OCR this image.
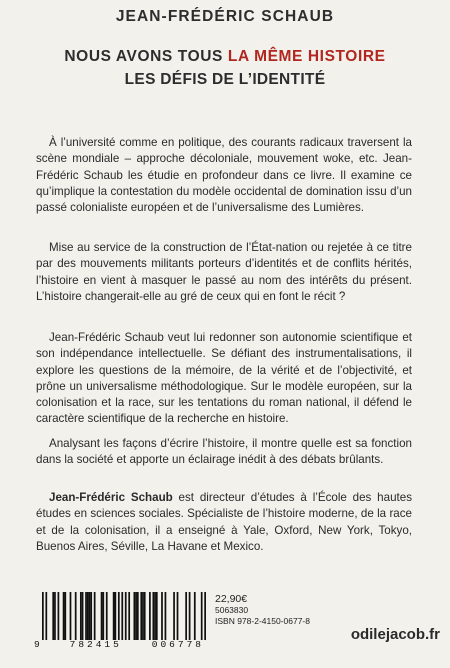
JEAN-FRÉDÉRIC SCHAUB
NOUS AVONS TOUS LA MÊME HISTOIRE
LES DÉFIS DE L’IDENTITÉ

À l’université comme en politique, des courants radicaux traversent la scène mondiale – approche décoloniale, mouvement woke, etc. Jean-Frédéric Schaub les étudie en profondeur dans ce livre. Il examine ce qu’implique la contestation du modèle occidental de domination issu d’un passé colonialiste européen et de l’universalisme des Lumières.

Mise au service de la construction de l’État-nation ou rejetée à ce titre par des mouvements militants porteurs d’identités et de conflits hérités, l’histoire en vient à masquer le passé au nom des intérêts du présent. L’histoire changerait-elle au gré de ceux qui en font le récit ?

Jean-Frédéric Schaub veut lui redonner son autonomie scientifique et son indépendance intellectuelle. Se défiant des instrumentalisations, il explore les questions de la mémoire, de la vérité et de l’objectivité, et prône un universalisme méthodologique. Sur le modèle européen, sur la colonisation et la race, sur les tentations du roman national, il défend le caractère scientifique de la recherche en histoire.

Analysant les façons d’écrire l’histoire, il montre quelle est sa fonction dans la société et apporte un éclairage inédit à des débats brûlants.

Jean-Frédéric Schaub est directeur d’études à l’École des hautes études en sciences sociales. Spécialiste de l’histoire moderne, de la race et de la colonisation, il a enseigné à Yale, Oxford, New York, Tokyo, Buenos Aires, Séville, La Havane et Mexico.

9	782415	006778
22,90€
5063830
ISBN 978-2-4150-0677-8
odilejacob.fr
